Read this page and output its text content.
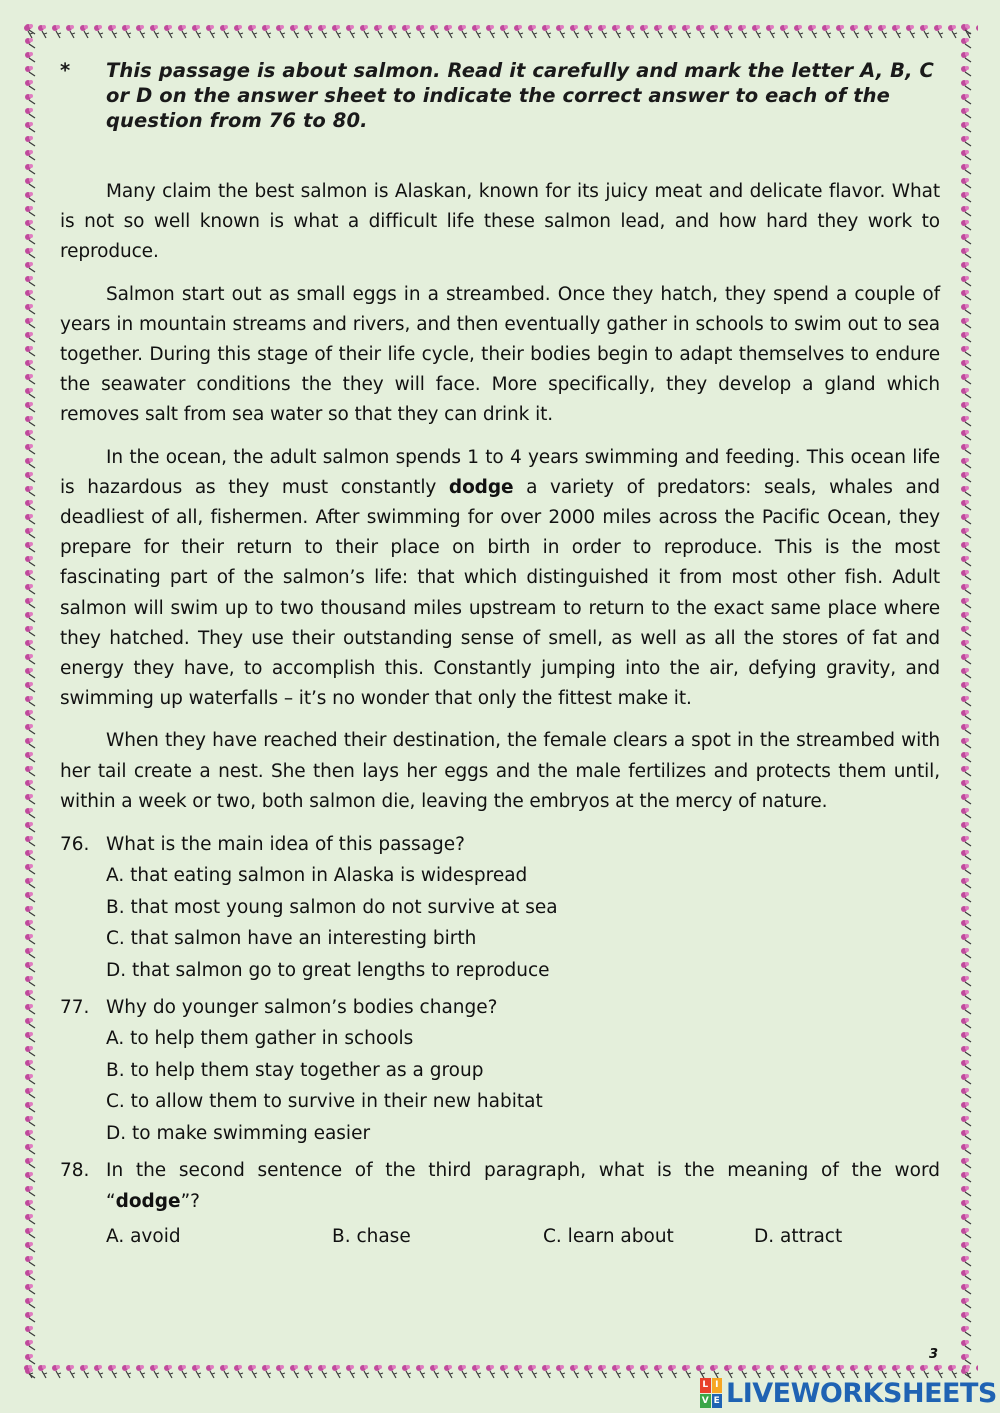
*	This passage is about salmon. Read it carefully and mark the letter A, B, C or D on the answer sheet to indicate the correct answer to each of the question from 76 to 80.

Many claim the best salmon is Alaskan, known for its juicy meat and delicate flavor. What is not so well known is what a difficult life these salmon lead, and how hard they work to reproduce.

Salmon start out as small eggs in a streambed. Once they hatch, they spend a couple of years in mountain streams and rivers, and then eventually gather in schools to swim out to sea together. During this stage of their life cycle, their bodies begin to adapt themselves to endure the seawater conditions the they will face. More specifically, they develop a gland which removes salt from sea water so that they can drink it.

In the ocean, the adult salmon spends 1 to 4 years swimming and feeding. This ocean life is hazardous as they must constantly dodge a variety of predators: seals, whales and deadliest of all, fishermen. After swimming for over 2000 miles across the Pacific Ocean, they prepare for their return to their place on birth in order to reproduce. This is the most fascinating part of the salmon’s life: that which distinguished it from most other fish. Adult salmon will swim up to two thousand miles upstream to return to the exact same place where they hatched. They use their outstanding sense of smell, as well as all the stores of fat and energy they have, to accomplish this. Constantly jumping into the air, defying gravity, and swimming up waterfalls – it’s no wonder that only the fittest make it.

When they have reached their destination, the female clears a spot in the streambed with her tail create a nest. She then lays her eggs and the male fertilizes and protects them until, within a week or two, both salmon die, leaving the embryos at the mercy of nature.

76. What is the main idea of this passage?
A. that eating salmon in Alaska is widespread
B. that most young salmon do not survive at sea
C. that salmon have an interesting birth
D. that salmon go to great lengths to reproduce
77. Why do younger salmon’s bodies change?
A. to help them gather in schools
B. to help them stay together as a group
C. to allow them to survive in their new habitat
D. to make swimming easier
78. In the second sentence of the third paragraph, what is the meaning of the word “dodge”?
A. avoid	B. chase	C. learn about	D. attract
3
L I
V E LIVEWORKSHEETS
